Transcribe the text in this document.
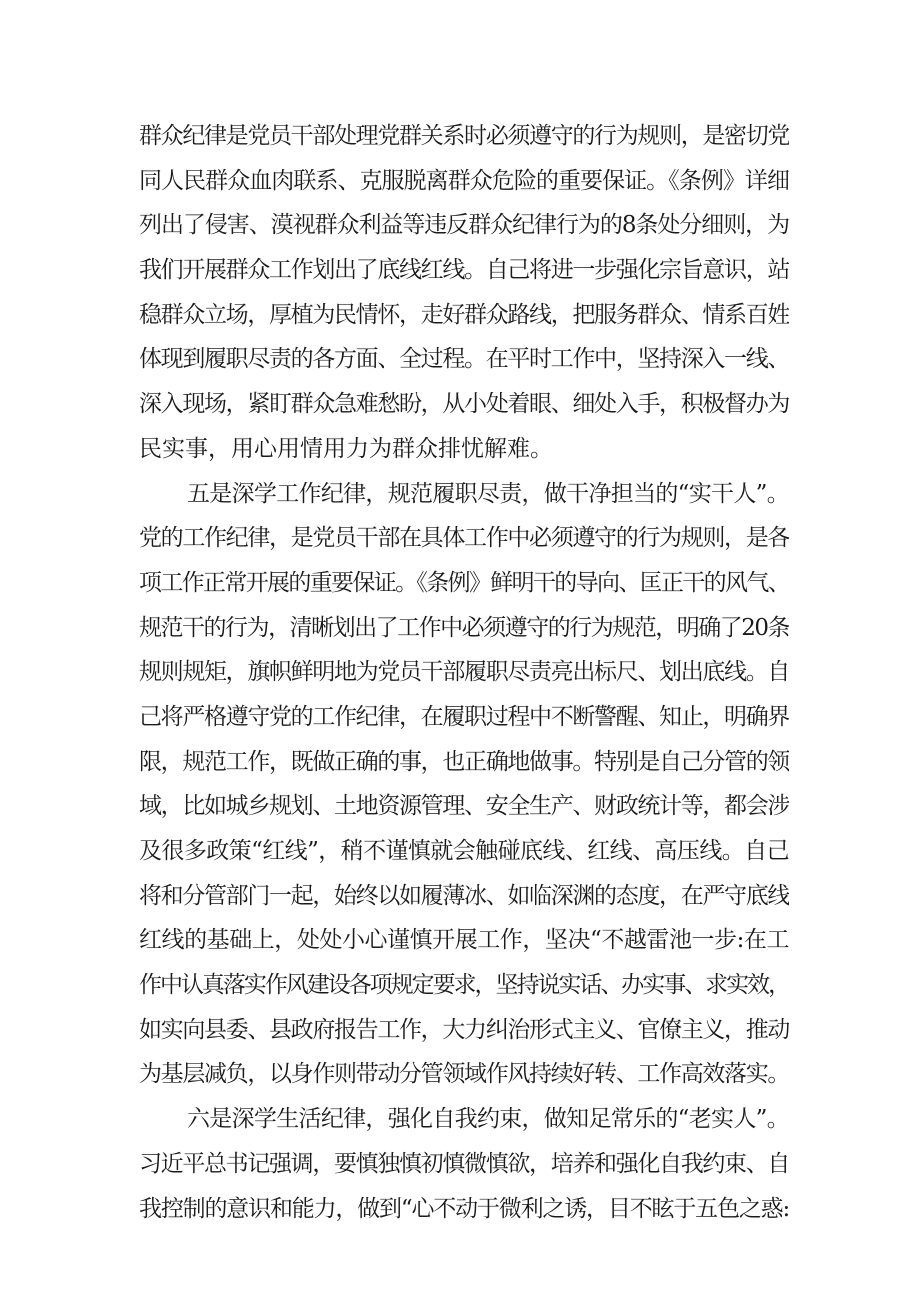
群众纪律是党员干部处理党群关系时必须遵守的行为规则，是密切党
同人民群众血肉联系、克服脱离群众危险的重要保证。《条例》详细
列出了侵害、漠视群众利益等违反群众纪律行为的8条处分细则，为
我们开展群众工作划出了底线红线。自己将进一步强化宗旨意识，站
稳群众立场，厚植为民情怀，走好群众路线，把服务群众、情系百姓
体现到履职尽责的各方面、全过程。在平时工作中，坚持深入一线、
深入现场，紧盯群众急难愁盼，从小处着眼、细处入手，积极督办为
民实事，用心用情用力为群众排忧解难。
五是深学工作纪律，规范履职尽责，做干净担当的“实干人”。
党的工作纪律，是党员干部在具体工作中必须遵守的行为规则，是各
项工作正常开展的重要保证。《条例》鲜明干的导向、匡正干的风气、
规范干的行为，清晰划出了工作中必须遵守的行为规范，明确了20条
规则规矩，旗帜鲜明地为党员干部履职尽责亮出标尺、划出底线。自
己将严格遵守党的工作纪律，在履职过程中不断警醒、知止，明确界
限，规范工作，既做正确的事，也正确地做事。特别是自己分管的领
域，比如城乡规划、土地资源管理、安全生产、财政统计等，都会涉
及很多政策“红线”，稍不谨慎就会触碰底线、红线、高压线。自己
将和分管部门一起，始终以如履薄冰、如临深渊的态度，在严守底线
红线的基础上，处处小心谨慎开展工作，坚决“不越雷池一步:在工
作中认真落实作风建设各项规定要求，坚持说实话、办实事、求实效，
如实向县委、县政府报告工作，大力纠治形式主义、官僚主义，推动
为基层减负，以身作则带动分管领域作风持续好转、工作高效落实。
六是深学生活纪律，强化自我约束，做知足常乐的“老实人”。
习近平总书记强调，要慎独慎初慎微慎欲，培养和强化自我约束、自
我控制的意识和能力，做到“心不动于微利之诱，目不眩于五色之惑:
